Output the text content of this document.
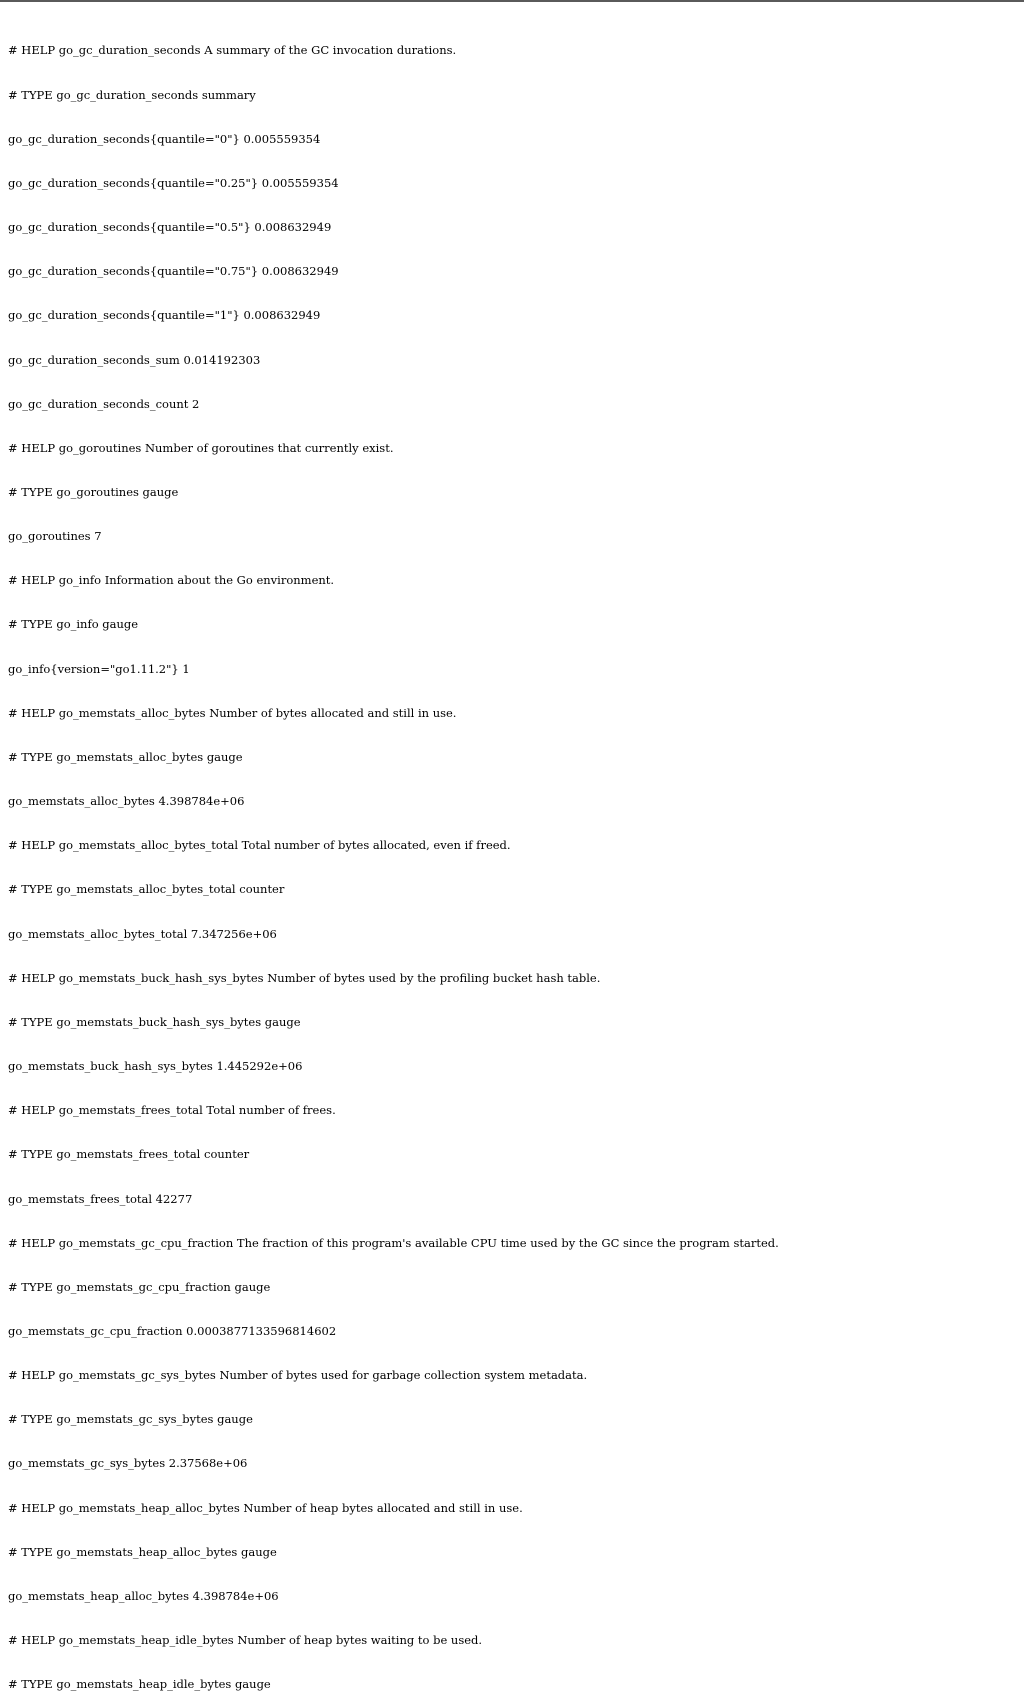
# HELP go_gc_duration_seconds A summary of the GC invocation durations.

# TYPE go_gc_duration_seconds summary

go_gc_duration_seconds{quantile="0"} 0.005559354

go_gc_duration_seconds{quantile="0.25"} 0.005559354

go_gc_duration_seconds{quantile="0.5"} 0.008632949

go_gc_duration_seconds{quantile="0.75"} 0.008632949

go_gc_duration_seconds{quantile="1"} 0.008632949

go_gc_duration_seconds_sum 0.014192303

go_gc_duration_seconds_count 2

# HELP go_goroutines Number of goroutines that currently exist.

# TYPE go_goroutines gauge

go_goroutines 7

# HELP go_info Information about the Go environment.

# TYPE go_info gauge

go_info{version="go1.11.2"} 1

# HELP go_memstats_alloc_bytes Number of bytes allocated and still in use.

# TYPE go_memstats_alloc_bytes gauge

go_memstats_alloc_bytes 4.398784e+06

# HELP go_memstats_alloc_bytes_total Total number of bytes allocated, even if freed.

# TYPE go_memstats_alloc_bytes_total counter

go_memstats_alloc_bytes_total 7.347256e+06

# HELP go_memstats_buck_hash_sys_bytes Number of bytes used by the profiling bucket hash table.

# TYPE go_memstats_buck_hash_sys_bytes gauge

go_memstats_buck_hash_sys_bytes 1.445292e+06

# HELP go_memstats_frees_total Total number of frees.

# TYPE go_memstats_frees_total counter

go_memstats_frees_total 42277

# HELP go_memstats_gc_cpu_fraction The fraction of this program's available CPU time used by the GC since the program started.

# TYPE go_memstats_gc_cpu_fraction gauge

go_memstats_gc_cpu_fraction 0.0003877133596814602

# HELP go_memstats_gc_sys_bytes Number of bytes used for garbage collection system metadata.

# TYPE go_memstats_gc_sys_bytes gauge

go_memstats_gc_sys_bytes 2.37568e+06

# HELP go_memstats_heap_alloc_bytes Number of heap bytes allocated and still in use.

# TYPE go_memstats_heap_alloc_bytes gauge

go_memstats_heap_alloc_bytes 4.398784e+06

# HELP go_memstats_heap_idle_bytes Number of heap bytes waiting to be used.

# TYPE go_memstats_heap_idle_bytes gauge
